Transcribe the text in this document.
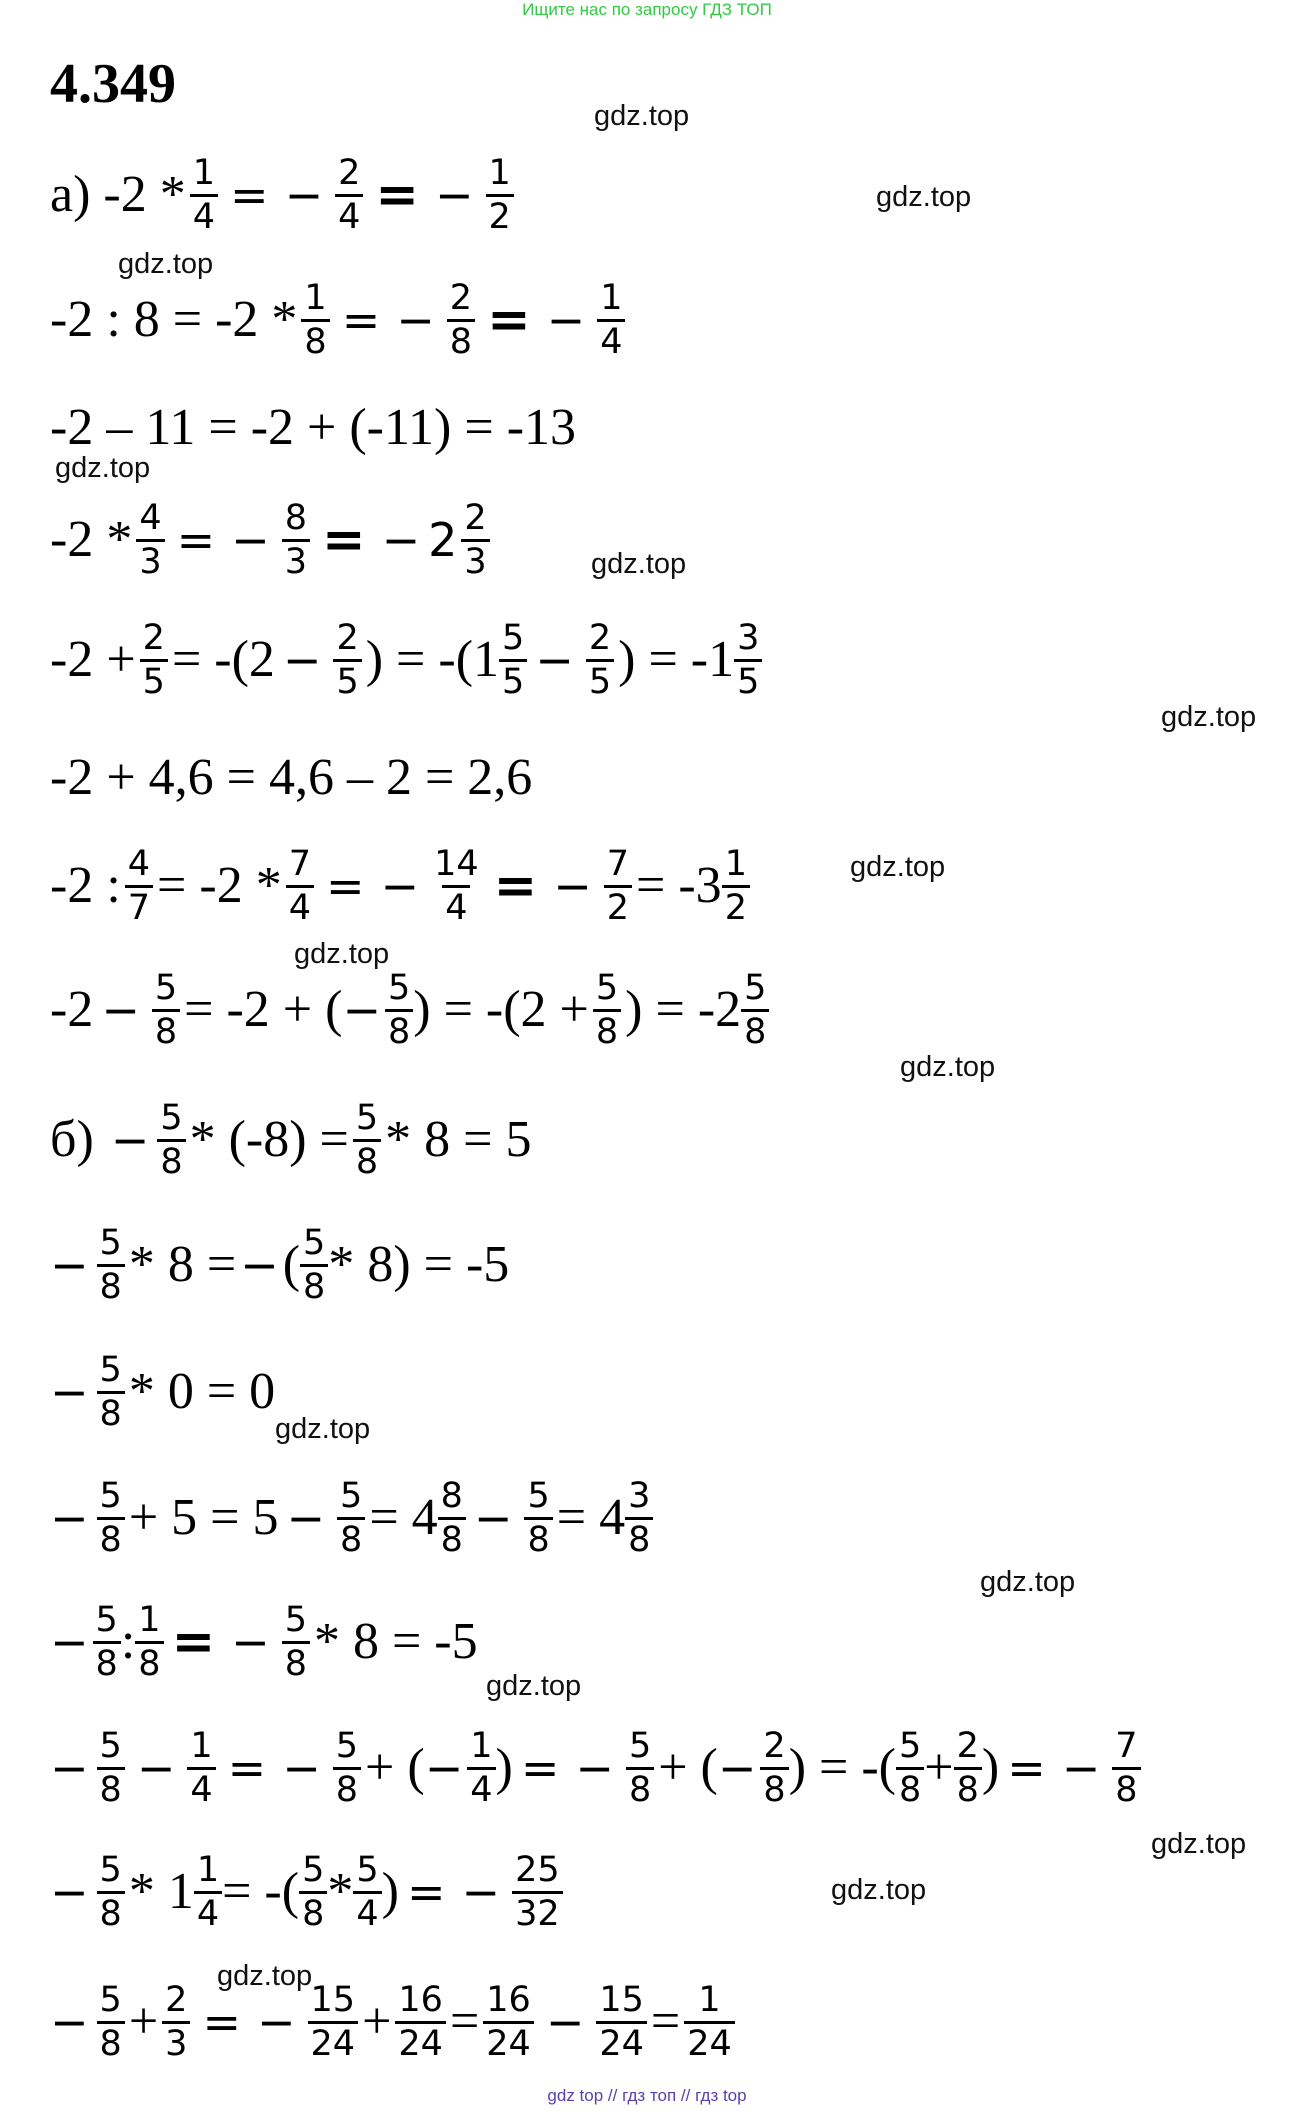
Ищите нас по запросу ГДЗ ТОП
4.349
gdz.top
gdz.top
gdz.top
gdz.top
gdz.top
gdz.top
gdz.top
gdz.top
gdz.top
gdz.top
gdz.top
gdz.top
gdz.top
gdz.top
gdz.top
а) $-2 * \frac{1}{4}$ = − $\frac{2}{4}$ = − $\frac{1}{2}$
-2 : $8 = -2 * \frac{1}{8}$ = − $\frac{2}{8}$ = − $\frac{1}{4}$
-2 – 11 = -2 + (-11) = -13
$-2 * \frac{4}{3}$ = − $\frac{8}{3}$ = − $2 \frac{2}{3}$
$-2 + \frac{2}{5} = -(2 - \frac{2}{5}$ ) = $-(1 \frac{5}{5} - \frac{2}{5}$ ) = $-1 \frac{3}{5}$
-2 + 4,6 = 4,6 – 2 = 2,6
-2 : $\frac{4}{7} = -2 * \frac{7}{4}$ = − $\frac{14}{4}$ = − $\frac{7}{2} = -3 \frac{1}{2}$
$-2 - \frac{5}{8} = -2$ + ( − $\frac{5}{8}$ ) = $-(2 + \frac{5}{8}$ ) = $-2 \frac{5}{8}$
б)
− $\frac{5}{8} * (-8) = \frac{5}{8} * 8 = 5$
− $\frac{5}{8} * 8$ = − ( $\frac{5}{8} * 8) = -5$
− $\frac{5}{8} * 0 = 0$
− $\frac{5}{8} + 5 = 5 - \frac{5}{8} = 4 \frac{8}{8} - \frac{5}{8} = 4 \frac{3}{8}$
− $\frac{5}{8}$ : $\frac{1}{8}$ = − $\frac{5}{8} * 8 = -5$
− $\frac{5}{8} - \frac{1}{4}$ = − $\frac{5}{8}$ + ( − $\frac{1}{4}$ ) = − $\frac{5}{8}$ + ( − $\frac{2}{8}$ ) = -( $\frac{5}{8} + \frac{2}{8}$ ) = − $\frac{7}{8}$
− $\frac{5}{8} * 1 \frac{1}{4}$ = -( $\frac{5}{8} * \frac{5}{4}$ ) = − $\frac{25}{32}$
− $\frac{5}{8} + \frac{2}{3}$ = − $\frac{15}{24} + \frac{16}{24} = \frac{16}{24} - \frac{15}{24} = \frac{1}{24}$
gdz top // гдз топ // гдз top
